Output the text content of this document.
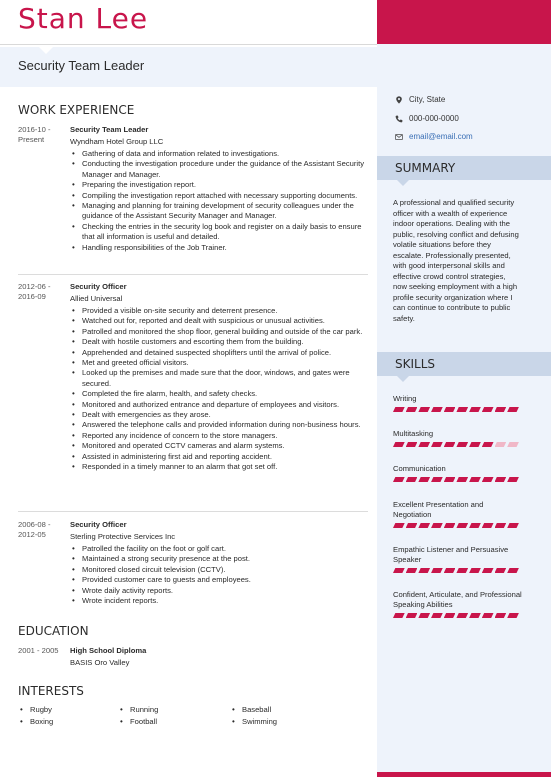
Stan Lee
Security Team Leader
City, State
000-000-0000
email@email.com
SUMMARY
A professional and qualified security officer with a wealth of experience indoor operations. Dealing with the public, resolving conflict and defusing volatile situations before they escalate. Professionally presented, with good interpersonal skills and effective crowd control strategies, now seeking employment with a high profile security organization where I can continue to contribute to public safety.
SKILLS
Writing
Multitasking
Communication
Excellent Presentation and Negotiation
Empathic Listener and Persuasive Speaker
Confident, Articulate, and Professional Speaking Abilities
WORK EXPERIENCE
2016-10 -
Present
Security Team Leader
Wyndham Hotel Group LLC
• Gathering of data and information related to investigations.
• Conducting the investigation procedure under the guidance of the Assistant Security Manager and Manager.
• Preparing the investigation report.
• Compiling the investigation report attached with necessary supporting documents.
• Managing and planning for training development of security colleagues under the guidance of the Assistant Security Manager and Manager.
• Checking the entries in the security log book and register on a daily basis to ensure that all information is useful and detailed.
• Handling responsibilities of the Job Trainer.
2012-06 -
2016-09
Security Officer
Allied Universal
• Provided a visible on-site security and deterrent presence.
• Watched out for, reported and dealt with suspicious or unusual activities.
• Patrolled and monitored the shop floor, general building and outside of the car park.
• Dealt with hostile customers and escorting them from the building.
• Apprehended and detained suspected shoplifters until the arrival of police.
• Met and greeted official visitors.
• Looked up the premises and made sure that the door, windows, and gates were secured.
• Completed the fire alarm, health, and safety checks.
• Monitored and authorized entrance and departure of employees and visitors.
• Dealt with emergencies as they arose.
• Answered the telephone calls and provided information during non-business hours.
• Reported any incidence of concern to the store managers.
• Monitored and operated CCTV cameras and alarm systems.
• Assisted in administering first aid and reporting accident.
• Responded in a timely manner to an alarm that got set off.
2006-08 -
2012-05
Security Officer
Sterling Protective Services Inc
• Patrolled the facility on the foot or golf cart.
• Maintained a strong security presence at the post.
• Monitored closed circuit television (CCTV).
• Provided customer care to guests and employees.
• Wrote daily activity reports.
• Wrote incident reports.
EDUCATION
2001 - 2005 High School Diploma
BASIS Oro Valley
INTERESTS
• Rugby	• Running	• Baseball
• Boxing	• Football	• Swimming
